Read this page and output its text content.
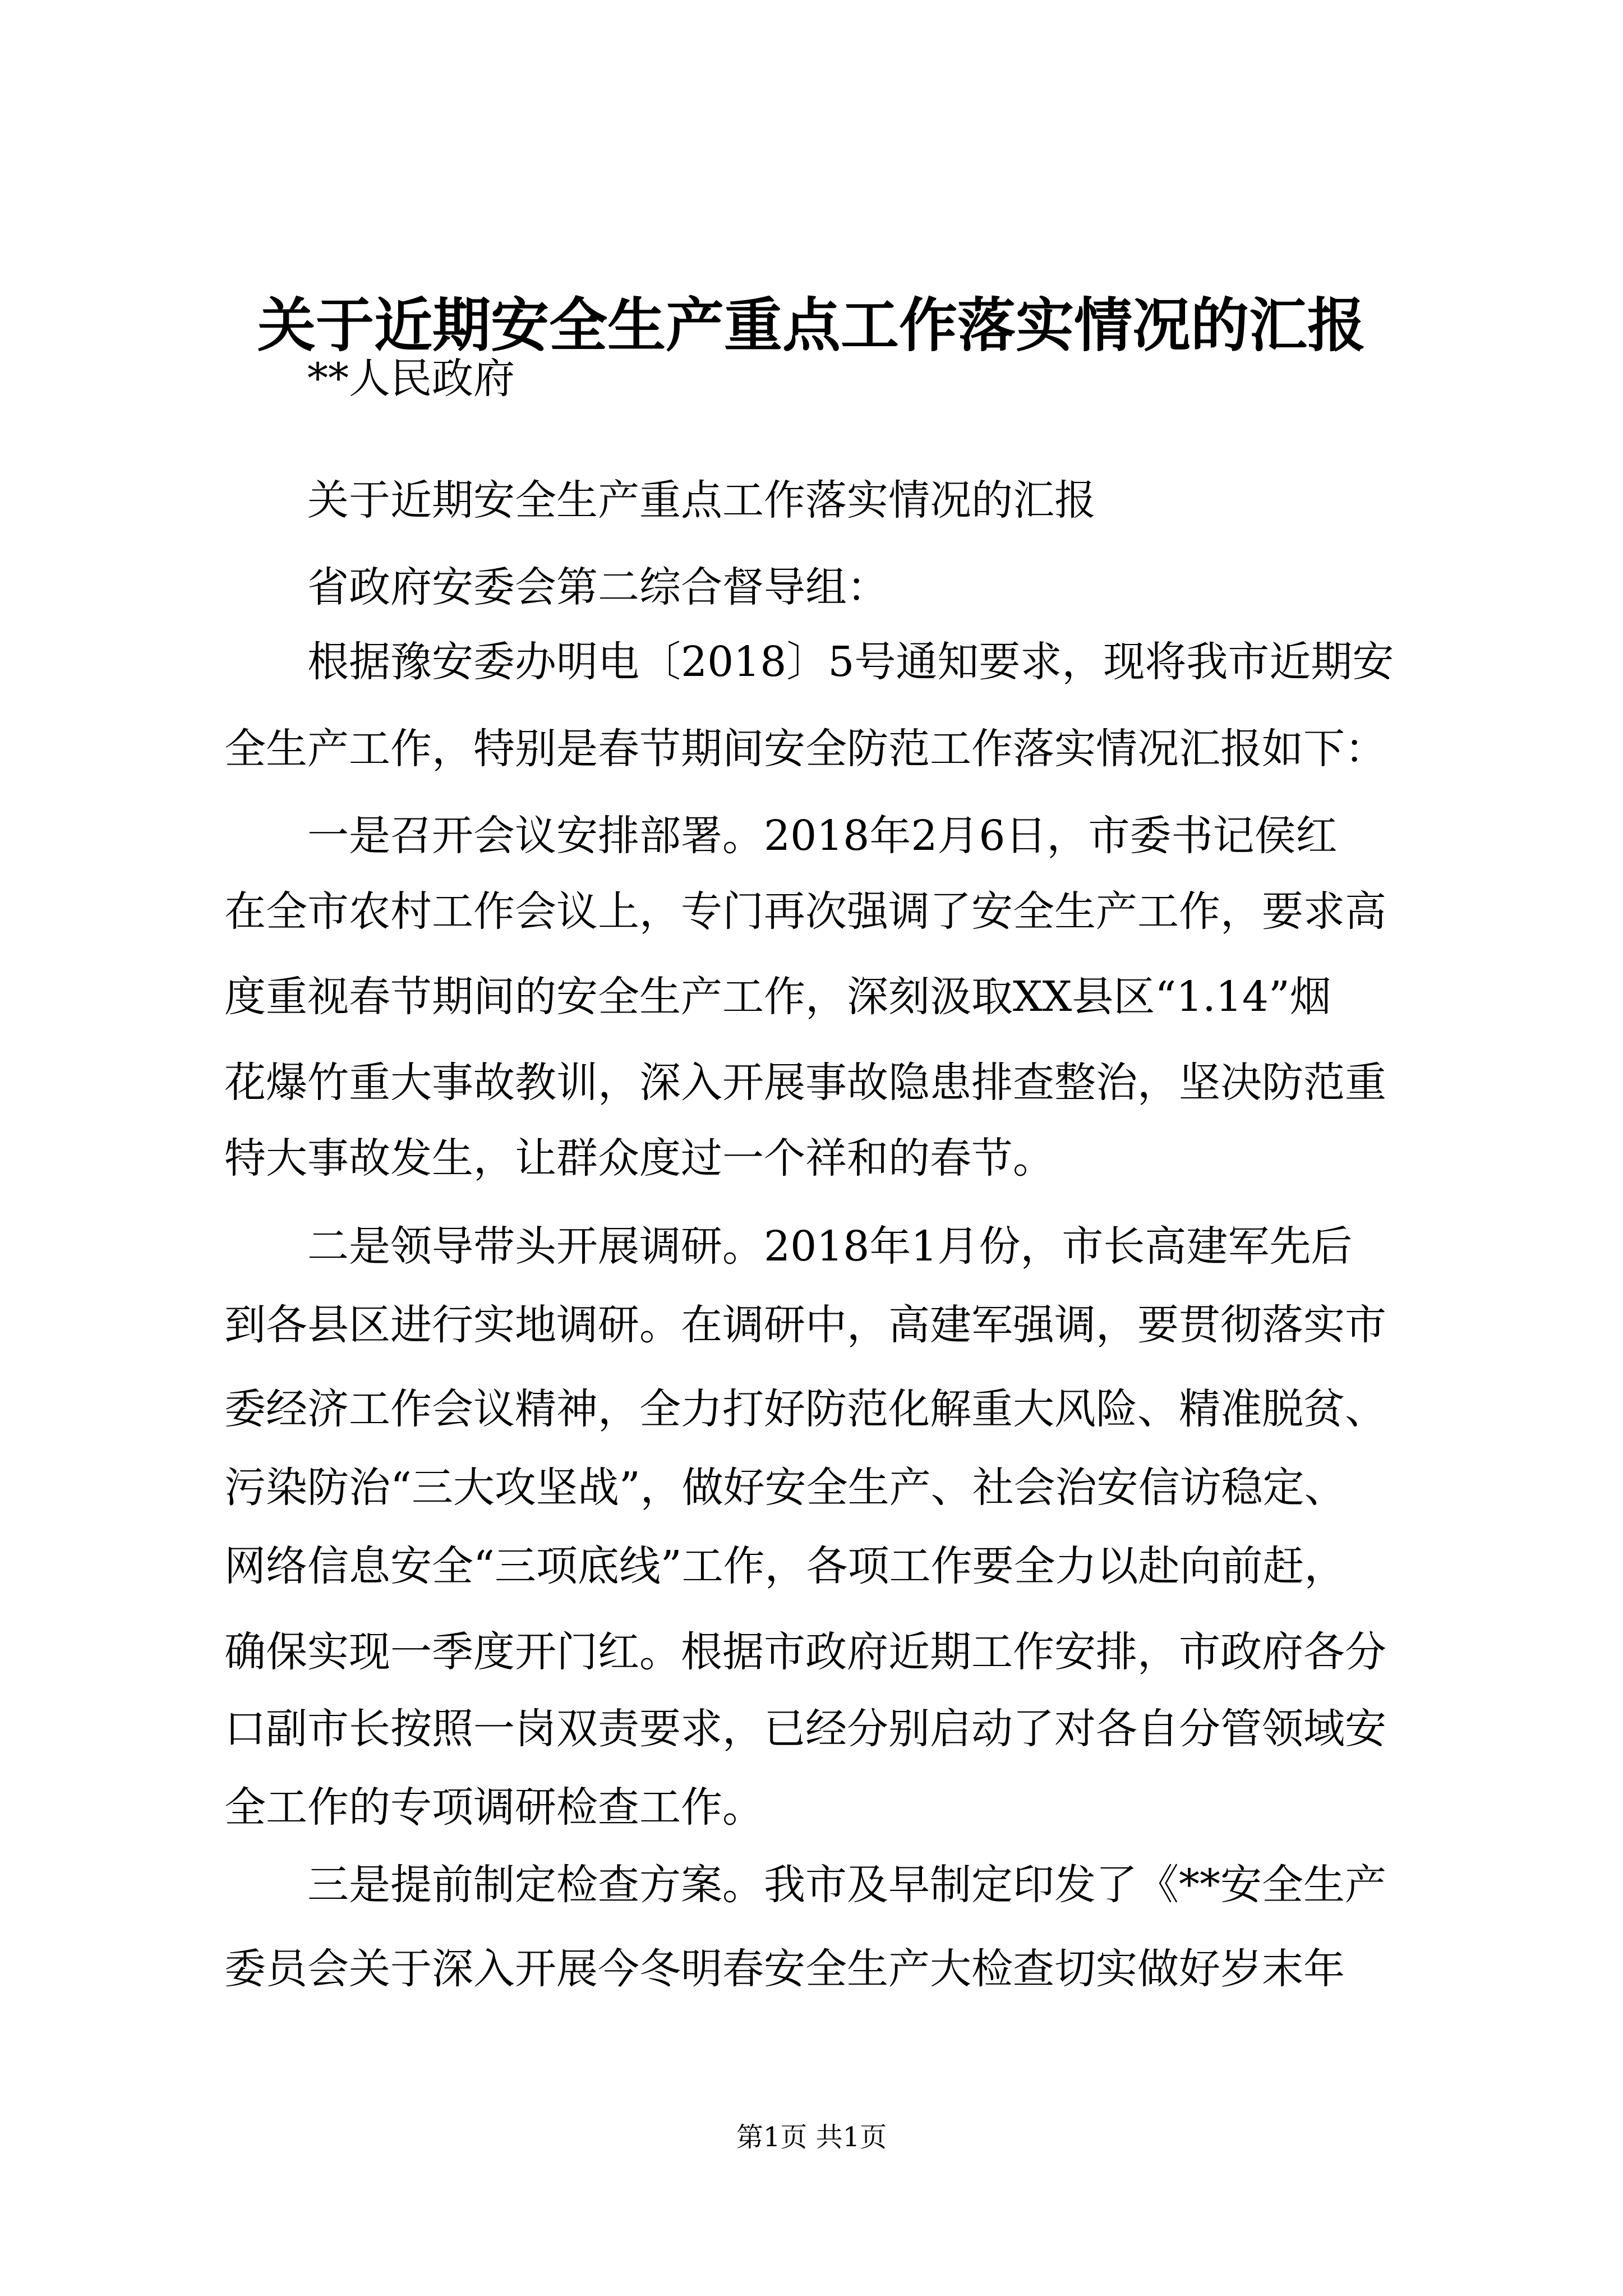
关于近期安全生产重点工作落实情况的汇报
**人民政府
关于近期安全生产重点工作落实情况的汇报
省政府安委会第二综合督导组：
根据豫安委办明电〔2018〕5号通知要求，现将我市近期安
全生产工作，特别是春节期间安全防范工作落实情况汇报如下：
一是召开会议安排部署。2018年2月6日，市委书记侯红
在全市农村工作会议上，专门再次强调了安全生产工作，要求高
度重视春节期间的安全生产工作，深刻汲取XX县区“1.14”烟
花爆竹重大事故教训，深入开展事故隐患排查整治，坚决防范重
特大事故发生，让群众度过一个祥和的春节。
二是领导带头开展调研。2018年1月份，市长高建军先后
到各县区进行实地调研。在调研中，高建军强调，要贯彻落实市
委经济工作会议精神，全力打好防范化解重大风险、精准脱贫、
污染防治“三大攻坚战”，做好安全生产、社会治安信访稳定、
网络信息安全“三项底线”工作，各项工作要全力以赴向前赶，
确保实现一季度开门红。根据市政府近期工作安排，市政府各分
口副市长按照一岗双责要求，已经分别启动了对各自分管领域安
全工作的专项调研检查工作。
三是提前制定检查方案。我市及早制定印发了《**安全生产
委员会关于深入开展今冬明春安全生产大检查切实做好岁末年
第1页 共1页
